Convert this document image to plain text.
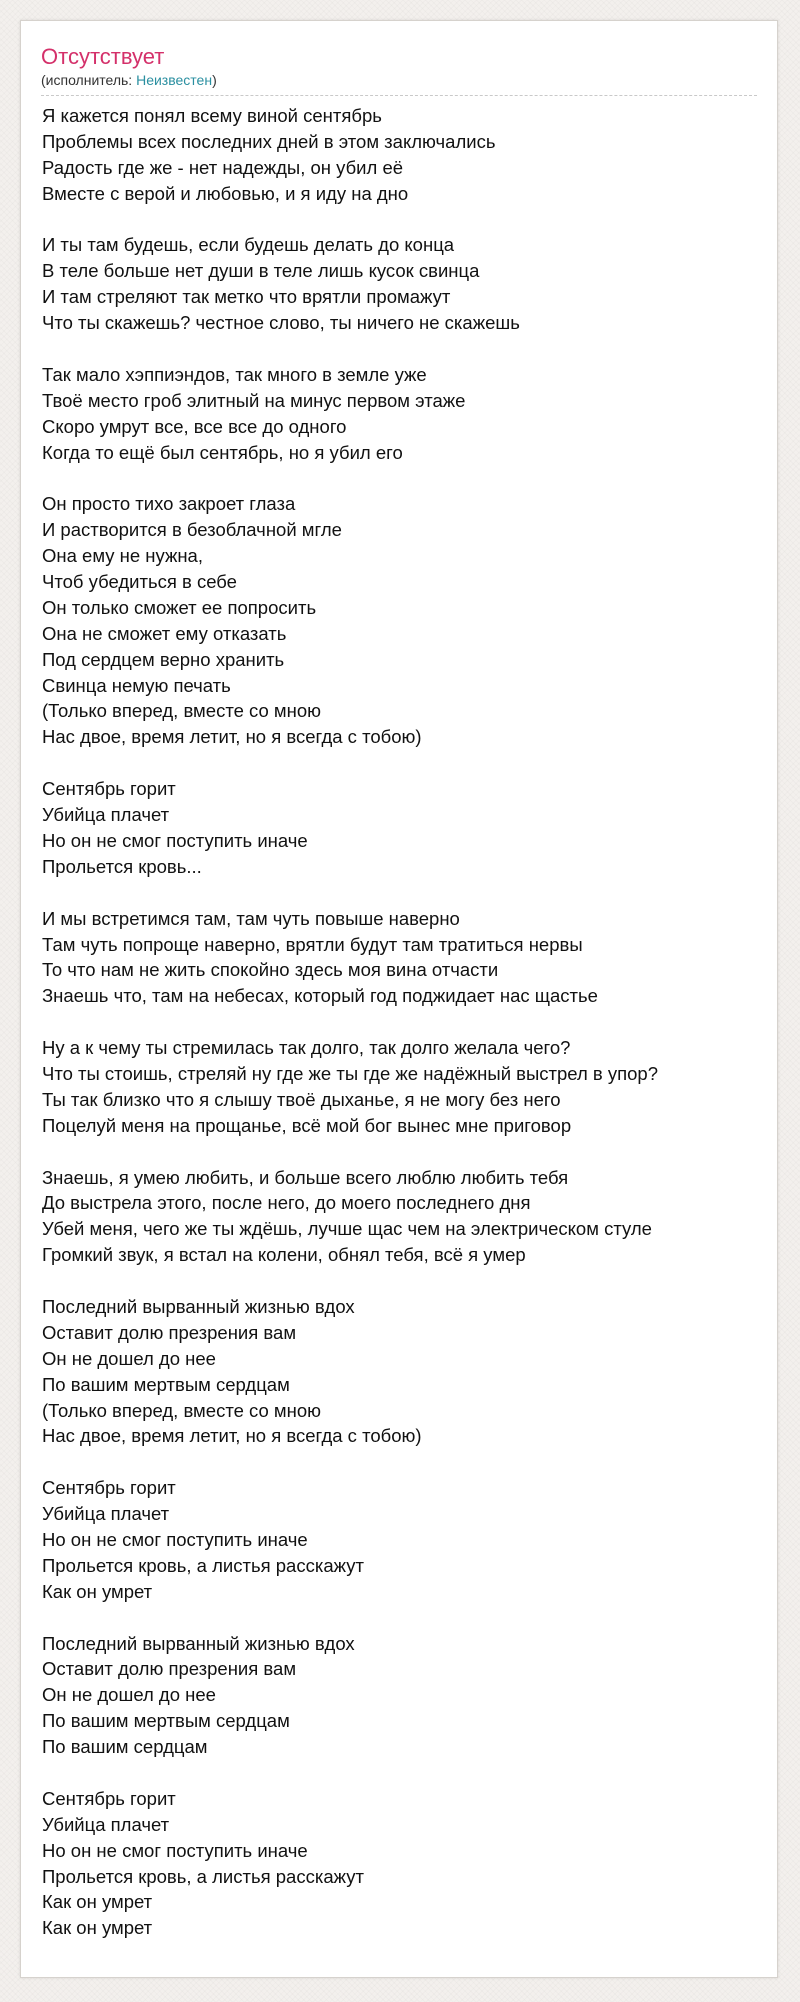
Отсутствует
(исполнитель: Неизвестен)
Я кажется понял всему виной сентябрь
Проблемы всех последних дней в этом заключались
Радость где же - нет надежды, он убил её
Вместе с верой и любовью, и я иду на дно
И ты там будешь, если будешь делать до конца
В теле больше нет души в теле лишь кусок свинца
И там стреляют так метко что врятли промажут
Что ты скажешь? честное слово, ты ничего не скажешь
Так мало хэппиэндов, так много в земле уже
Твоё место гроб элитный на минус первом этаже
Скоро умрут все, все все до одного
Когда то ещё был сентябрь, но я убил его
Он просто тихо закроет глаза
И растворится в безоблачной мгле
Она ему не нужна,
Чтоб убедиться в себе
Он только сможет ее попросить
Она не сможет ему отказать
Под сердцем верно хранить
Свинца немую печать
(Только вперед, вместе со мною
Нас двое, время летит, но я всегда с тобою)
Сентябрь горит
Убийца плачет
Но он не смог поступить иначе
Прольется кровь...
И мы встретимся там, там чуть повыше наверно
Там чуть попроще наверно, врятли будут там тратиться нервы
То что нам не жить спокойно здесь моя вина отчасти
Знаешь что, там на небесах, который год поджидает нас щастье
Ну а к чему ты стремилась так долго, так долго желала чего?
Что ты стоишь, стреляй ну где же ты где же надёжный выстрел в упор?
Ты так близко что я слышу твоё дыханье, я не могу без него
Поцелуй меня на прощанье, всё мой бог вынес мне приговор
Знаешь, я умею любить, и больше всего люблю любить тебя
До выстрела этого, после него, до моего последнего дня
Убей меня, чего же ты ждёшь, лучше щас чем на электрическом стуле
Громкий звук, я встал на колени, обнял тебя, всё я умер
Последний вырванный жизнью вдох
Оставит долю презрения вам
Он не дошел до нее
По вашим мертвым сердцам
(Только вперед, вместе со мною
Нас двое, время летит, но я всегда с тобою)
Сентябрь горит
Убийца плачет
Но он не смог поступить иначе
Прольется кровь, а листья расскажут
Как он умрет
Последний вырванный жизнью вдох
Оставит долю презрения вам
Он не дошел до нее
По вашим мертвым сердцам
По вашим сердцам
Сентябрь горит
Убийца плачет
Но он не смог поступить иначе
Прольется кровь, а листья расскажут
Как он умрет
Как он умрет
